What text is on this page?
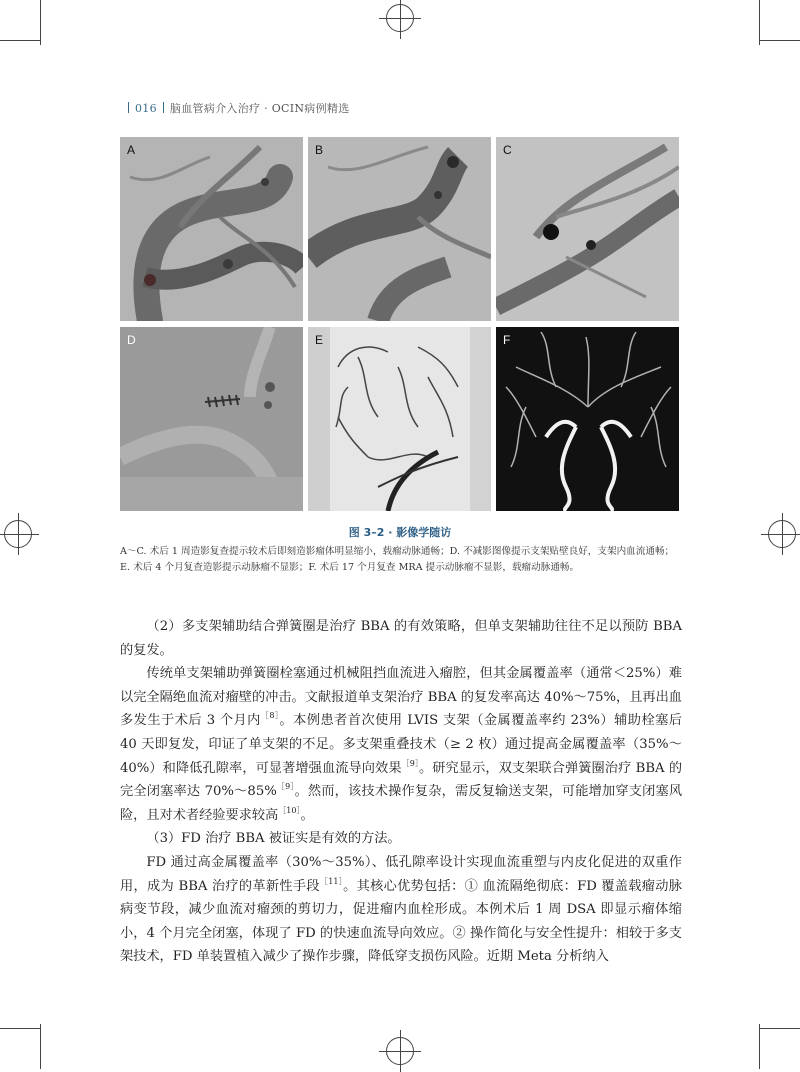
016 脑血管病介入治疗 · OCIN病例精选
A	B	C
D	E	F
图 3–2 · 影像学随访
A～C. 术后 1 周造影复查提示较术后即刻造影瘤体明显缩小，载瘤动脉通畅；D. 不减影图像提示支架贴壁良好，支架内血流通畅；E. 术后 4 个月复查造影提示动脉瘤不显影；F. 术后 17 个月复查 MRA 提示动脉瘤不显影，载瘤动脉通畅。

（2）多支架辅助结合弹簧圈是治疗 BBA 的有效策略，但单支架辅助往往不足以预防 BBA 的复发。

传统单支架辅助弹簧圈栓塞通过机械阻挡血流进入瘤腔，但其金属覆盖率（通常＜25%）难以完全隔绝血流对瘤壁的冲击。文献报道单支架治疗 BBA 的复发率高达 40%～75%，且再出血多发生于术后 3 个月内$^{[8]}$。本例患者首次使用 LVIS 支架（金属覆盖率约 23%）辅助栓塞后 40 天即复发，印证了单支架的不足。多支架重叠技术（≥ 2 枚）通过提高金属覆盖率（35%～40%）和降低孔隙率，可显著增强血流导向效果$^{[9]}$。研究显示，双支架联合弹簧圈治疗 BBA 的完全闭塞率达 70%～85%$^{[9]}$。然而，该技术操作复杂，需反复输送支架，可能增加穿支闭塞风险，且对术者经验要求较高$^{[10]}$。

（3）FD 治疗 BBA 被证实是有效的方法。

FD 通过高金属覆盖率（30%～35%）、低孔隙率设计实现血流重塑与内皮化促进的双重作用，成为 BBA 治疗的革新性手段$^{[11]}$。其核心优势包括：① 血流隔绝彻底：FD 覆盖载瘤动脉病变节段，减少血流对瘤颈的剪切力，促进瘤内血栓形成。本例术后 1 周 DSA 即显示瘤体缩小，4 个月完全闭塞，体现了 FD 的快速血流导向效应。② 操作简化与安全性提升：相较于多支架技术，FD 单装置植入减少了操作步骤，降低穿支损伤风险。近期 Meta 分析纳入
